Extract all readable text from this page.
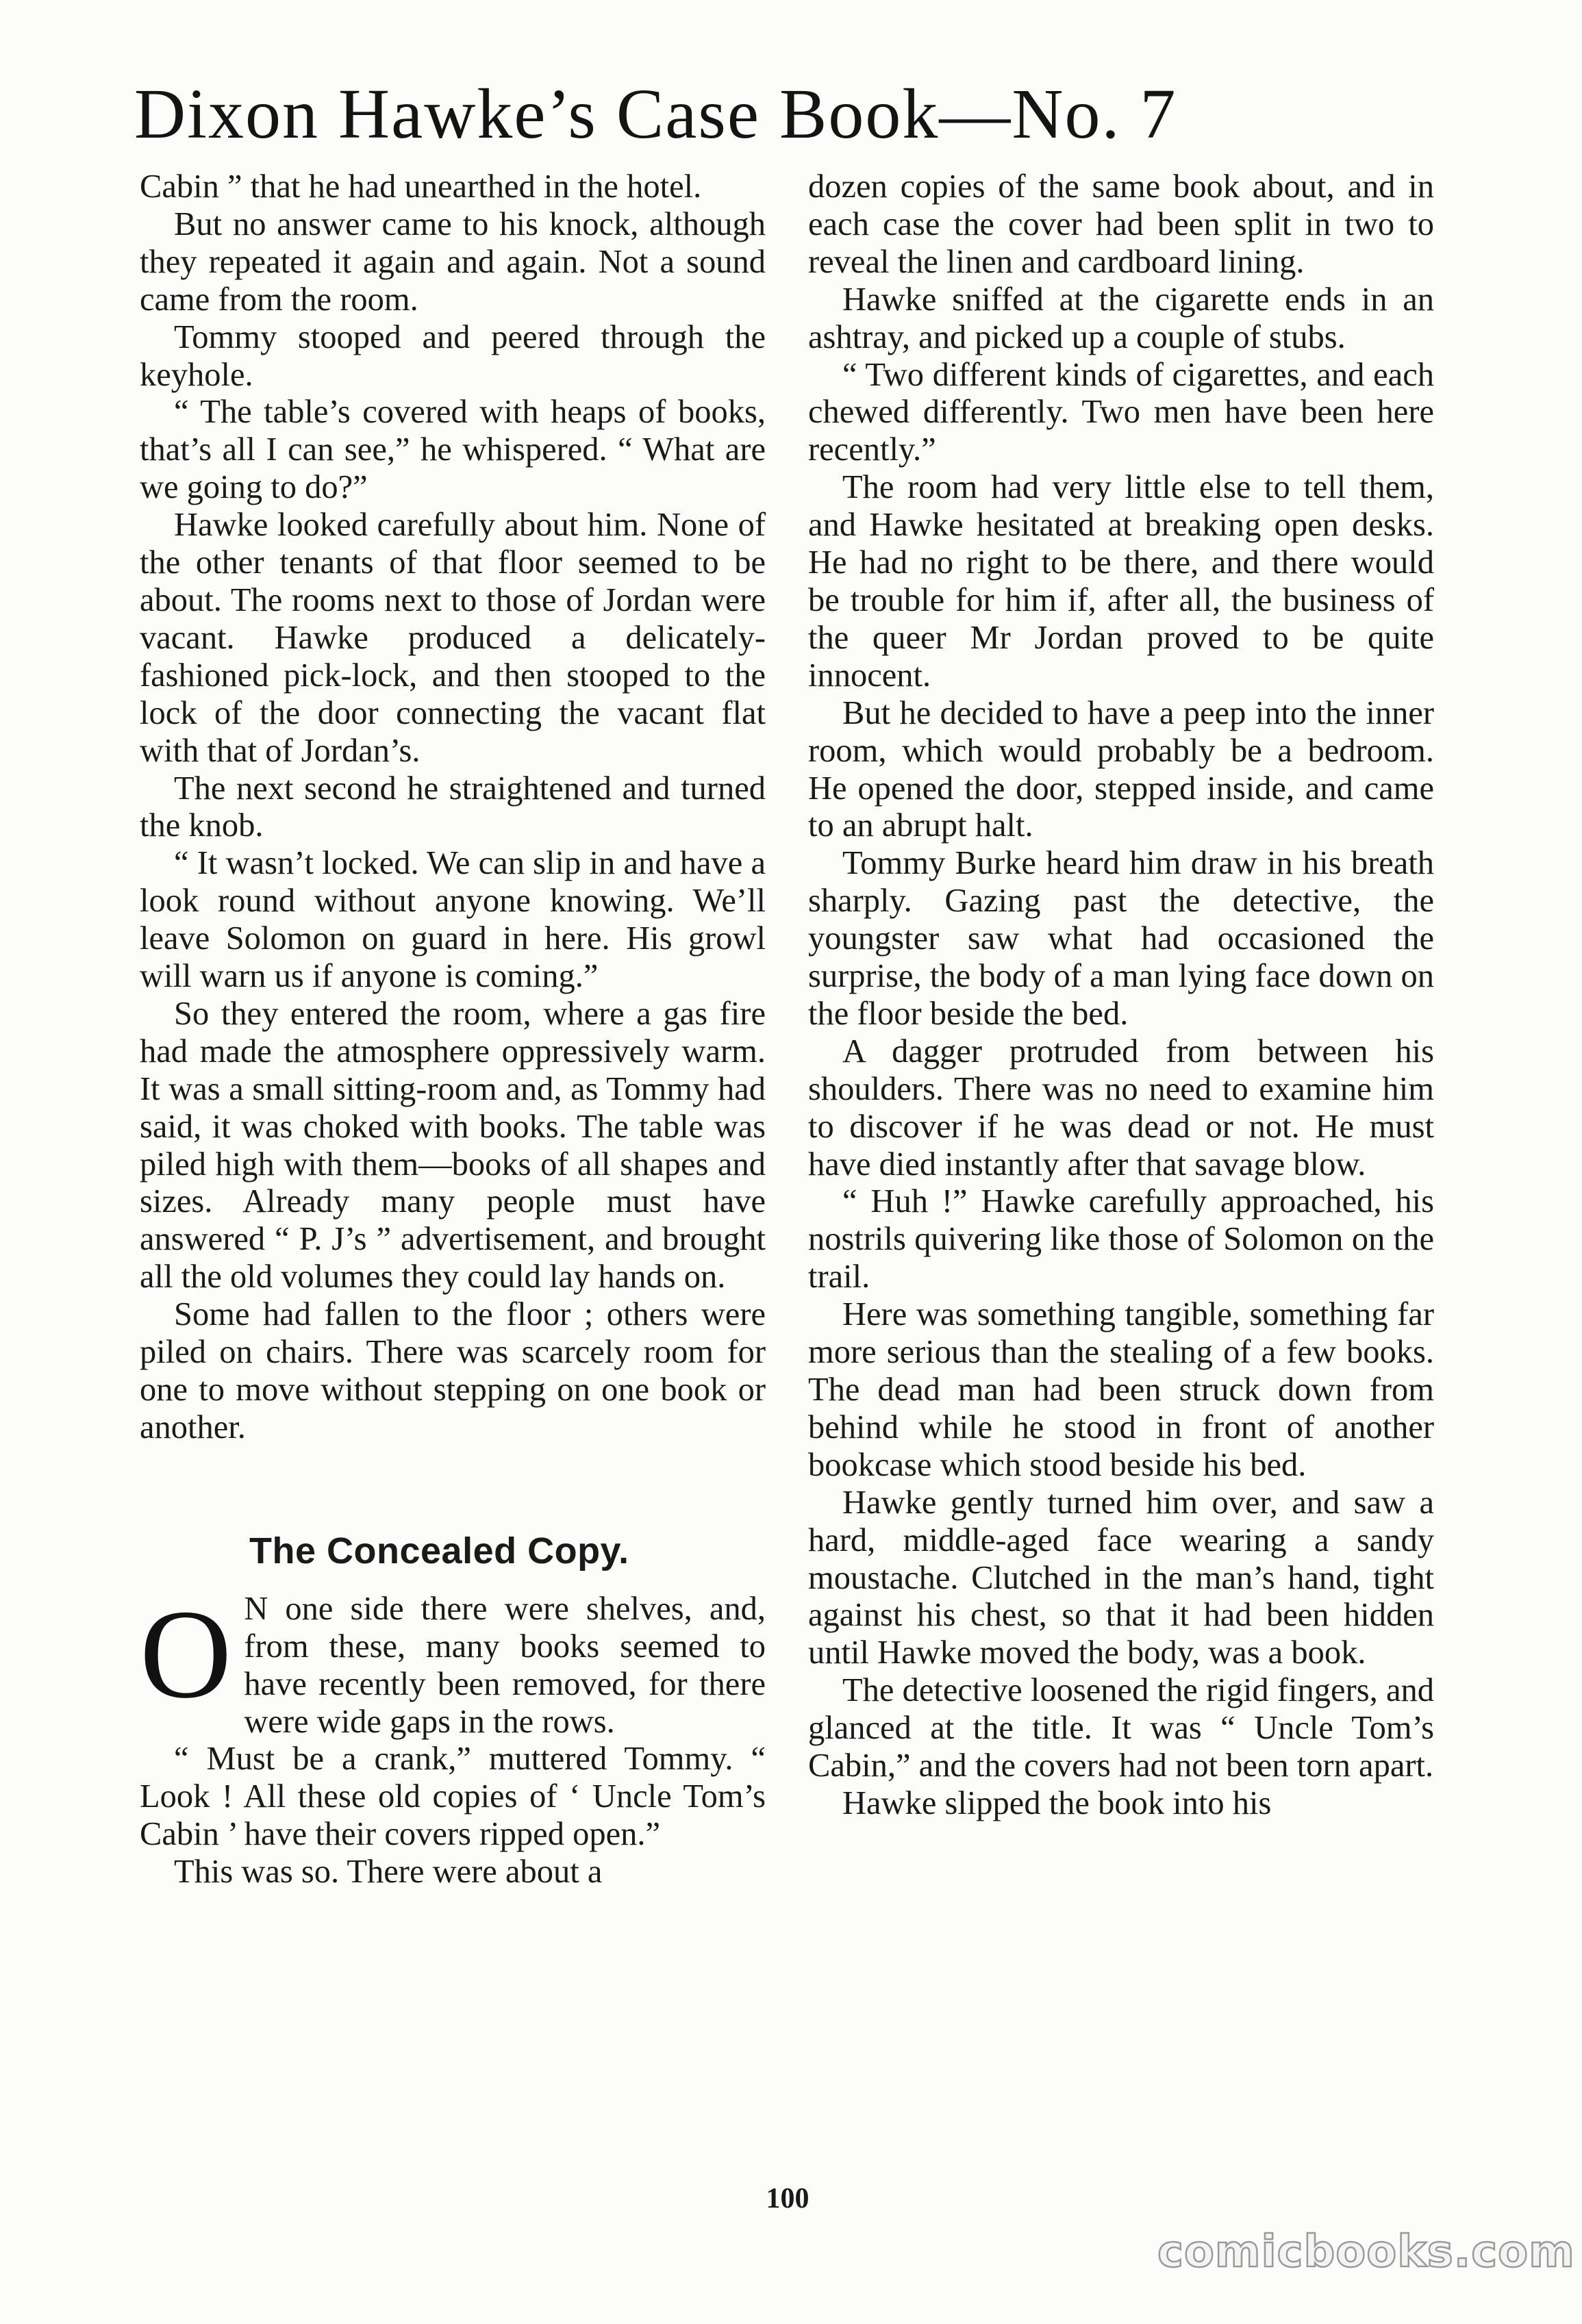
Dixon Hawke’s Case Book—No. 7

Cabin ” that he had unearthed in the hotel.

But no answer came to his knock, although they repeated it again and again. Not a sound came from the room.

Tommy stooped and peered through the keyhole.

“ The table’s covered with heaps of books, that’s all I can see,” he whispered. “ What are we going to do?”

Hawke looked carefully about him. None of the other tenants of that floor seemed to be about. The rooms next to those of Jordan were vacant. Hawke produced a delicately-fashioned pick-lock, and then stooped to the lock of the door connecting the vacant flat with that of Jordan’s.

The next second he straightened and turned the knob.

“ It wasn’t locked. We can slip in and have a look round without anyone knowing. We’ll leave Solomon on guard in here. His growl will warn us if anyone is coming.”

So they entered the room, where a gas fire had made the atmosphere oppressively warm. It was a small sitting-room and, as Tommy had said, it was choked with books. The table was piled high with them—books of all shapes and sizes. Already many people must have answered “ P. J’s ” advertisement, and brought all the old volumes they could lay hands on.

Some had fallen to the floor ; others were piled on chairs. There was scarcely room for one to move without stepping on one book or another.

The Concealed Copy.

O N one side there were shelves, and, from these, many books seemed to have recently been removed, for there were wide gaps in the rows.

“ Must be a crank,” muttered Tommy. “ Look ! All these old copies of ‘ Uncle Tom’s Cabin ’ have their covers ripped open.”

This was so. There were about a

dozen copies of the same book about, and in each case the cover had been split in two to reveal the linen and cardboard lining.

Hawke sniffed at the cigarette ends in an ashtray, and picked up a couple of stubs.

“ Two different kinds of cigarettes, and each chewed differently. Two men have been here recently.”

The room had very little else to tell them, and Hawke hesitated at breaking open desks. He had no right to be there, and there would be trouble for him if, after all, the business of the queer Mr Jordan proved to be quite innocent.

But he decided to have a peep into the inner room, which would probably be a bedroom. He opened the door, stepped inside, and came to an abrupt halt.

Tommy Burke heard him draw in his breath sharply. Gazing past the detective, the youngster saw what had occasioned the surprise, the body of a man lying face down on the floor beside the bed.

A dagger protruded from between his shoulders. There was no need to examine him to discover if he was dead or not. He must have died instantly after that savage blow.

“ Huh !” Hawke carefully approached, his nostrils quivering like those of Solomon on the trail.

Here was something tangible, something far more serious than the stealing of a few books. The dead man had been struck down from behind while he stood in front of another bookcase which stood beside his bed.

Hawke gently turned him over, and saw a hard, middle-aged face wearing a sandy moustache. Clutched in the man’s hand, tight against his chest, so that it had been hidden until Hawke moved the body, was a book.

The detective loosened the rigid fingers, and glanced at the title. It was “ Uncle Tom’s Cabin,” and the covers had not been torn apart.

Hawke slipped the book into his

100
comicbooks.com
